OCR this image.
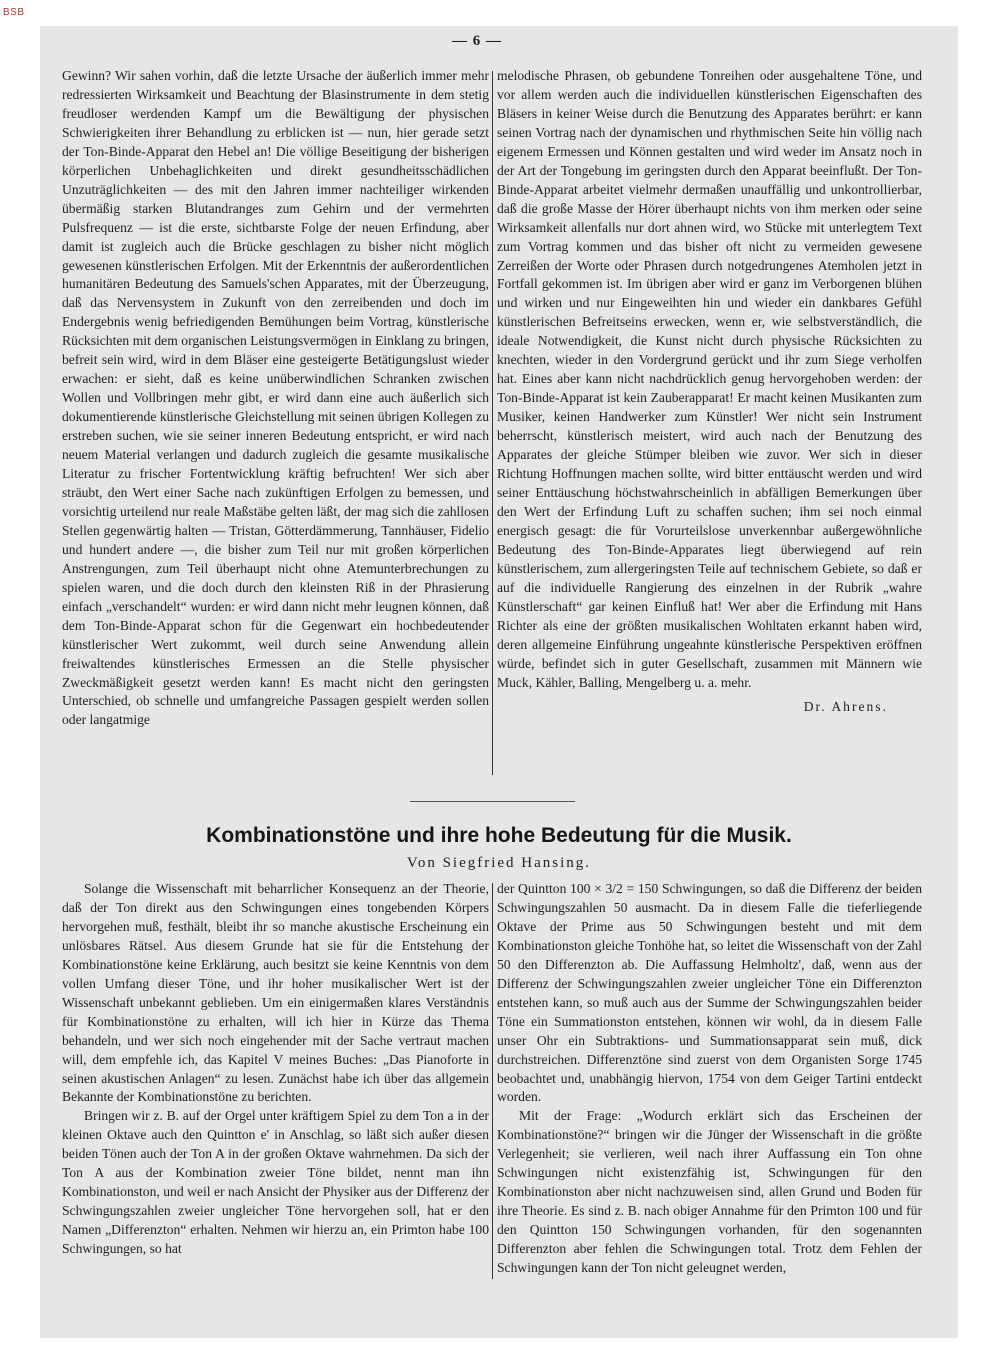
BSB
— 6 —

Gewinn? Wir sahen vorhin, daß die letzte Ursache der äußerlich immer mehr redressierten Wirksamkeit und Beachtung der Blasinstrumente in dem stetig freudloser werdenden Kampf um die Bewältigung der physischen Schwierigkeiten ihrer Behandlung zu erblicken ist — nun, hier gerade setzt der Ton-Binde-Apparat den Hebel an! Die völlige Beseitigung der bisherigen körperlichen Unbehaglichkeiten und direkt gesundheitsschädlichen Unzuträglichkeiten — des mit den Jahren immer nachteiliger wirkenden übermäßig starken Blutandranges zum Gehirn und der vermehrten Pulsfrequenz — ist die erste, sichtbarste Folge der neuen Erfindung, aber damit ist zugleich auch die Brücke geschlagen zu bisher nicht möglich gewesenen künstlerischen Erfolgen. Mit der Erkenntnis der außerordentlichen humanitären Bedeutung des Samuels'schen Apparates, mit der Überzeugung, daß das Nervensystem in Zukunft von den zerreibenden und doch im Endergebnis wenig befriedigenden Bemühungen beim Vortrag, künstlerische Rücksichten mit dem organischen Leistungsvermögen in Einklang zu bringen, befreit sein wird, wird in dem Bläser eine gesteigerte Betätigungslust wieder erwachen: er sieht, daß es keine unüberwindlichen Schranken zwischen Wollen und Vollbringen mehr gibt, er wird dann eine auch äußerlich sich dokumentierende künstlerische Gleichstellung mit seinen übrigen Kollegen zu erstreben suchen, wie sie seiner inneren Bedeutung entspricht, er wird nach neuem Material verlangen und dadurch zugleich die gesamte musikalische Literatur zu frischer Fortentwicklung kräftig befruchten! Wer sich aber sträubt, den Wert einer Sache nach zukünftigen Erfolgen zu bemessen, und vorsichtig urteilend nur reale Maßstäbe gelten läßt, der mag sich die zahllosen Stellen gegenwärtig halten — Tristan, Götterdämmerung, Tannhäuser, Fidelio und hundert andere —, die bisher zum Teil nur mit großen körperlichen Anstrengungen, zum Teil überhaupt nicht ohne Atemunterbrechungen zu spielen waren, und die doch durch den kleinsten Riß in der Phrasierung einfach „verschandelt“ wurden: er wird dann nicht mehr leugnen können, daß dem Ton-Binde-Apparat schon für die Gegenwart ein hochbedeutender künstlerischer Wert zukommt, weil durch seine Anwendung allein freiwaltendes künstlerisches Ermessen an die Stelle physischer Zweckmäßigkeit gesetzt werden kann! Es macht nicht den geringsten Unterschied, ob schnelle und umfangreiche Passagen gespielt werden sollen oder langatmige

melodische Phrasen, ob gebundene Tonreihen oder ausgehaltene Töne, und vor allem werden auch die individuellen künstlerischen Eigenschaften des Bläsers in keiner Weise durch die Benutzung des Apparates berührt: er kann seinen Vortrag nach der dynamischen und rhythmischen Seite hin völlig nach eigenem Ermessen und Können gestalten und wird weder im Ansatz noch in der Art der Tongebung im geringsten durch den Apparat beeinflußt. Der Ton-Binde-Apparat arbeitet vielmehr dermaßen unauffällig und unkontrollierbar, daß die große Masse der Hörer überhaupt nichts von ihm merken oder seine Wirksamkeit allenfalls nur dort ahnen wird, wo Stücke mit unterlegtem Text zum Vortrag kommen und das bisher oft nicht zu vermeiden gewesene Zerreißen der Worte oder Phrasen durch notgedrungenes Atemholen jetzt in Fortfall gekommen ist. Im übrigen aber wird er ganz im Verborgenen blühen und wirken und nur Eingeweihten hin und wieder ein dankbares Gefühl künstlerischen Befreitseins erwecken, wenn er, wie selbstverständlich, die ideale Notwendigkeit, die Kunst nicht durch physische Rücksichten zu knechten, wieder in den Vordergrund gerückt und ihr zum Siege verholfen hat. Eines aber kann nicht nachdrücklich genug hervorgehoben werden: der Ton-Binde-Apparat ist kein Zauberapparat! Er macht keinen Musikanten zum Musiker, keinen Handwerker zum Künstler! Wer nicht sein Instrument beherrscht, künstlerisch meistert, wird auch nach der Benutzung des Apparates der gleiche Stümper bleiben wie zuvor. Wer sich in dieser Richtung Hoffnungen machen sollte, wird bitter enttäuscht werden und wird seiner Enttäuschung höchstwahrscheinlich in abfälligen Bemerkungen über den Wert der Erfindung Luft zu schaffen suchen; ihm sei noch einmal energisch gesagt: die für Vorurteilslose unverkennbar außergewöhnliche Bedeutung des Ton-Binde-Apparates liegt überwiegend auf rein künstlerischem, zum allergeringsten Teile auf technischem Gebiete, so daß er auf die individuelle Rangierung des einzelnen in der Rubrik „wahre Künstlerschaft“ gar keinen Einfluß hat! Wer aber die Erfindung mit Hans Richter als eine der größten musikalischen Wohltaten erkannt haben wird, deren allgemeine Einführung ungeahnte künstlerische Perspektiven eröffnen würde, befindet sich in guter Gesellschaft, zusammen mit Männern wie Muck, Kähler, Balling, Mengelberg u. a. mehr.

Dr. Ahrens.
Kombinationstöne und ihre hohe Bedeutung für die Musik.
Von Siegfried Hansing.

Solange die Wissenschaft mit beharrlicher Konsequenz an der Theorie, daß der Ton direkt aus den Schwingungen eines tongebenden Körpers hervorgehen muß, festhält, bleibt ihr so manche akustische Erscheinung ein unlösbares Rätsel. Aus diesem Grunde hat sie für die Entstehung der Kombinationstöne keine Erklärung, auch besitzt sie keine Kenntnis von dem vollen Umfang dieser Töne, und ihr hoher musikalischer Wert ist der Wissenschaft unbekannt geblieben. Um ein einigermaßen klares Verständnis für Kombinationstöne zu erhalten, will ich hier in Kürze das Thema behandeln, und wer sich noch eingehender mit der Sache vertraut machen will, dem empfehle ich, das Kapitel V meines Buches: „Das Pianoforte in seinen akustischen Anlagen“ zu lesen. Zunächst habe ich über das allgemein Bekannte der Kombinationstöne zu berichten.

Bringen wir z. B. auf der Orgel unter kräftigem Spiel zu dem Ton a in der kleinen Oktave auch den Quintton e' in Anschlag, so läßt sich außer diesen beiden Tönen auch der Ton A in der großen Oktave wahrnehmen. Da sich der Ton A aus der Kombination zweier Töne bildet, nennt man ihn Kombinationston, und weil er nach Ansicht der Physiker aus der Differenz der Schwingungszahlen zweier ungleicher Töne hervorgehen soll, hat er den Namen „Differenzton“ erhalten. Nehmen wir hierzu an, ein Primton habe 100 Schwingungen, so hat

der Quintton 100 × 3/2 = 150 Schwingungen, so daß die Differenz der beiden Schwingungszahlen 50 ausmacht. Da in diesem Falle die tieferliegende Oktave der Prime aus 50 Schwingungen besteht und mit dem Kombinationston gleiche Tonhöhe hat, so leitet die Wissenschaft von der Zahl 50 den Differenzton ab. Die Auffassung Helmholtz', daß, wenn aus der Differenz der Schwingungszahlen zweier ungleicher Töne ein Differenzton entstehen kann, so muß auch aus der Summe der Schwingungszahlen beider Töne ein Summationston entstehen, können wir wohl, da in diesem Falle unser Ohr ein Subtraktions- und Summationsapparat sein muß, dick durchstreichen. Differenztöne sind zuerst von dem Organisten Sorge 1745 beobachtet und, unabhängig hiervon, 1754 von dem Geiger Tartini entdeckt worden.

Mit der Frage: „Wodurch erklärt sich das Erscheinen der Kombinationstöne?“ bringen wir die Jünger der Wissenschaft in die größte Verlegenheit; sie verlieren, weil nach ihrer Auffassung ein Ton ohne Schwingungen nicht existenzfähig ist, Schwingungen für den Kombinationston aber nicht nachzuweisen sind, allen Grund und Boden für ihre Theorie. Es sind z. B. nach obiger Annahme für den Primton 100 und für den Quintton 150 Schwingungen vorhanden, für den sogenannten Differenzton aber fehlen die Schwingungen total. Trotz dem Fehlen der Schwingungen kann der Ton nicht geleugnet werden,
